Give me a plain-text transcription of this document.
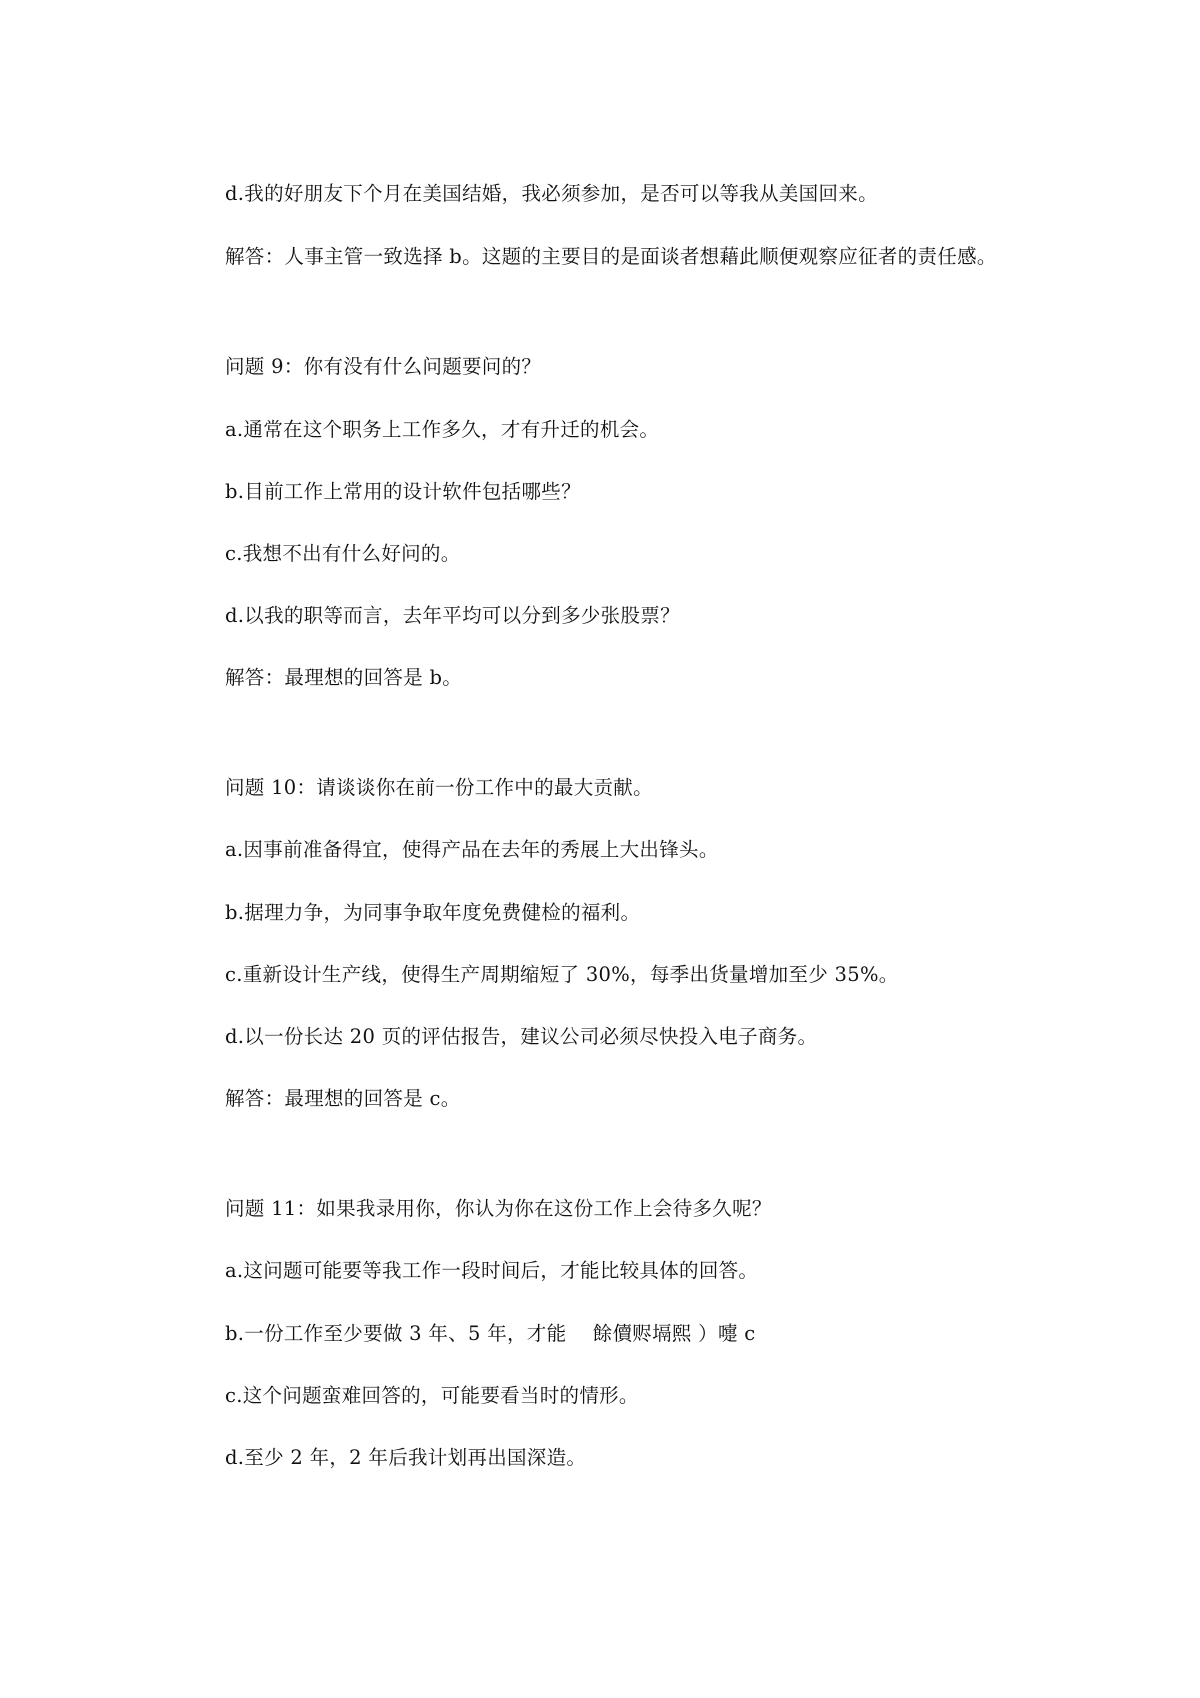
d.我的好朋友下个月在美国结婚，我必须参加，是否可以等我从美国回来。

解答：人事主管一致选择 b。这题的主要目的是面谈者想藉此顺便观察应征者的责任感。

问题 9：你有没有什么问题要问的？

a.通常在这个职务上工作多久，才有升迁的机会。

b.目前工作上常用的设计软件包括哪些？

c.我想不出有什么好问的。

d.以我的职等而言，去年平均可以分到多少张股票？

解答：最理想的回答是 b。

问题 10：请谈谈你在前一份工作中的最大贡献。

a.因事前准备得宜，使得产品在去年的秀展上大出锋头。

b.据理力争，为同事争取年度免费健检的福利。

c.重新设计生产线，使得生产周期缩短了 30%，每季出货量增加至少 35%。

d.以一份长达 20 页的评估报告，建议公司必须尽快投入电子商务。

解答：最理想的回答是 c。

问题 11：如果我录用你，你认为你在这份工作上会待多久呢？

a.这问题可能要等我工作一段时间后，才能比较具体的回答。

b.一份工作至少要做 3 年、5 年，才能　 餘儥赆塥熙 ）嚏 c

c.这个问题蛮难回答的，可能要看当时的情形。

d.至少 2 年，2 年后我计划再出国深造。
